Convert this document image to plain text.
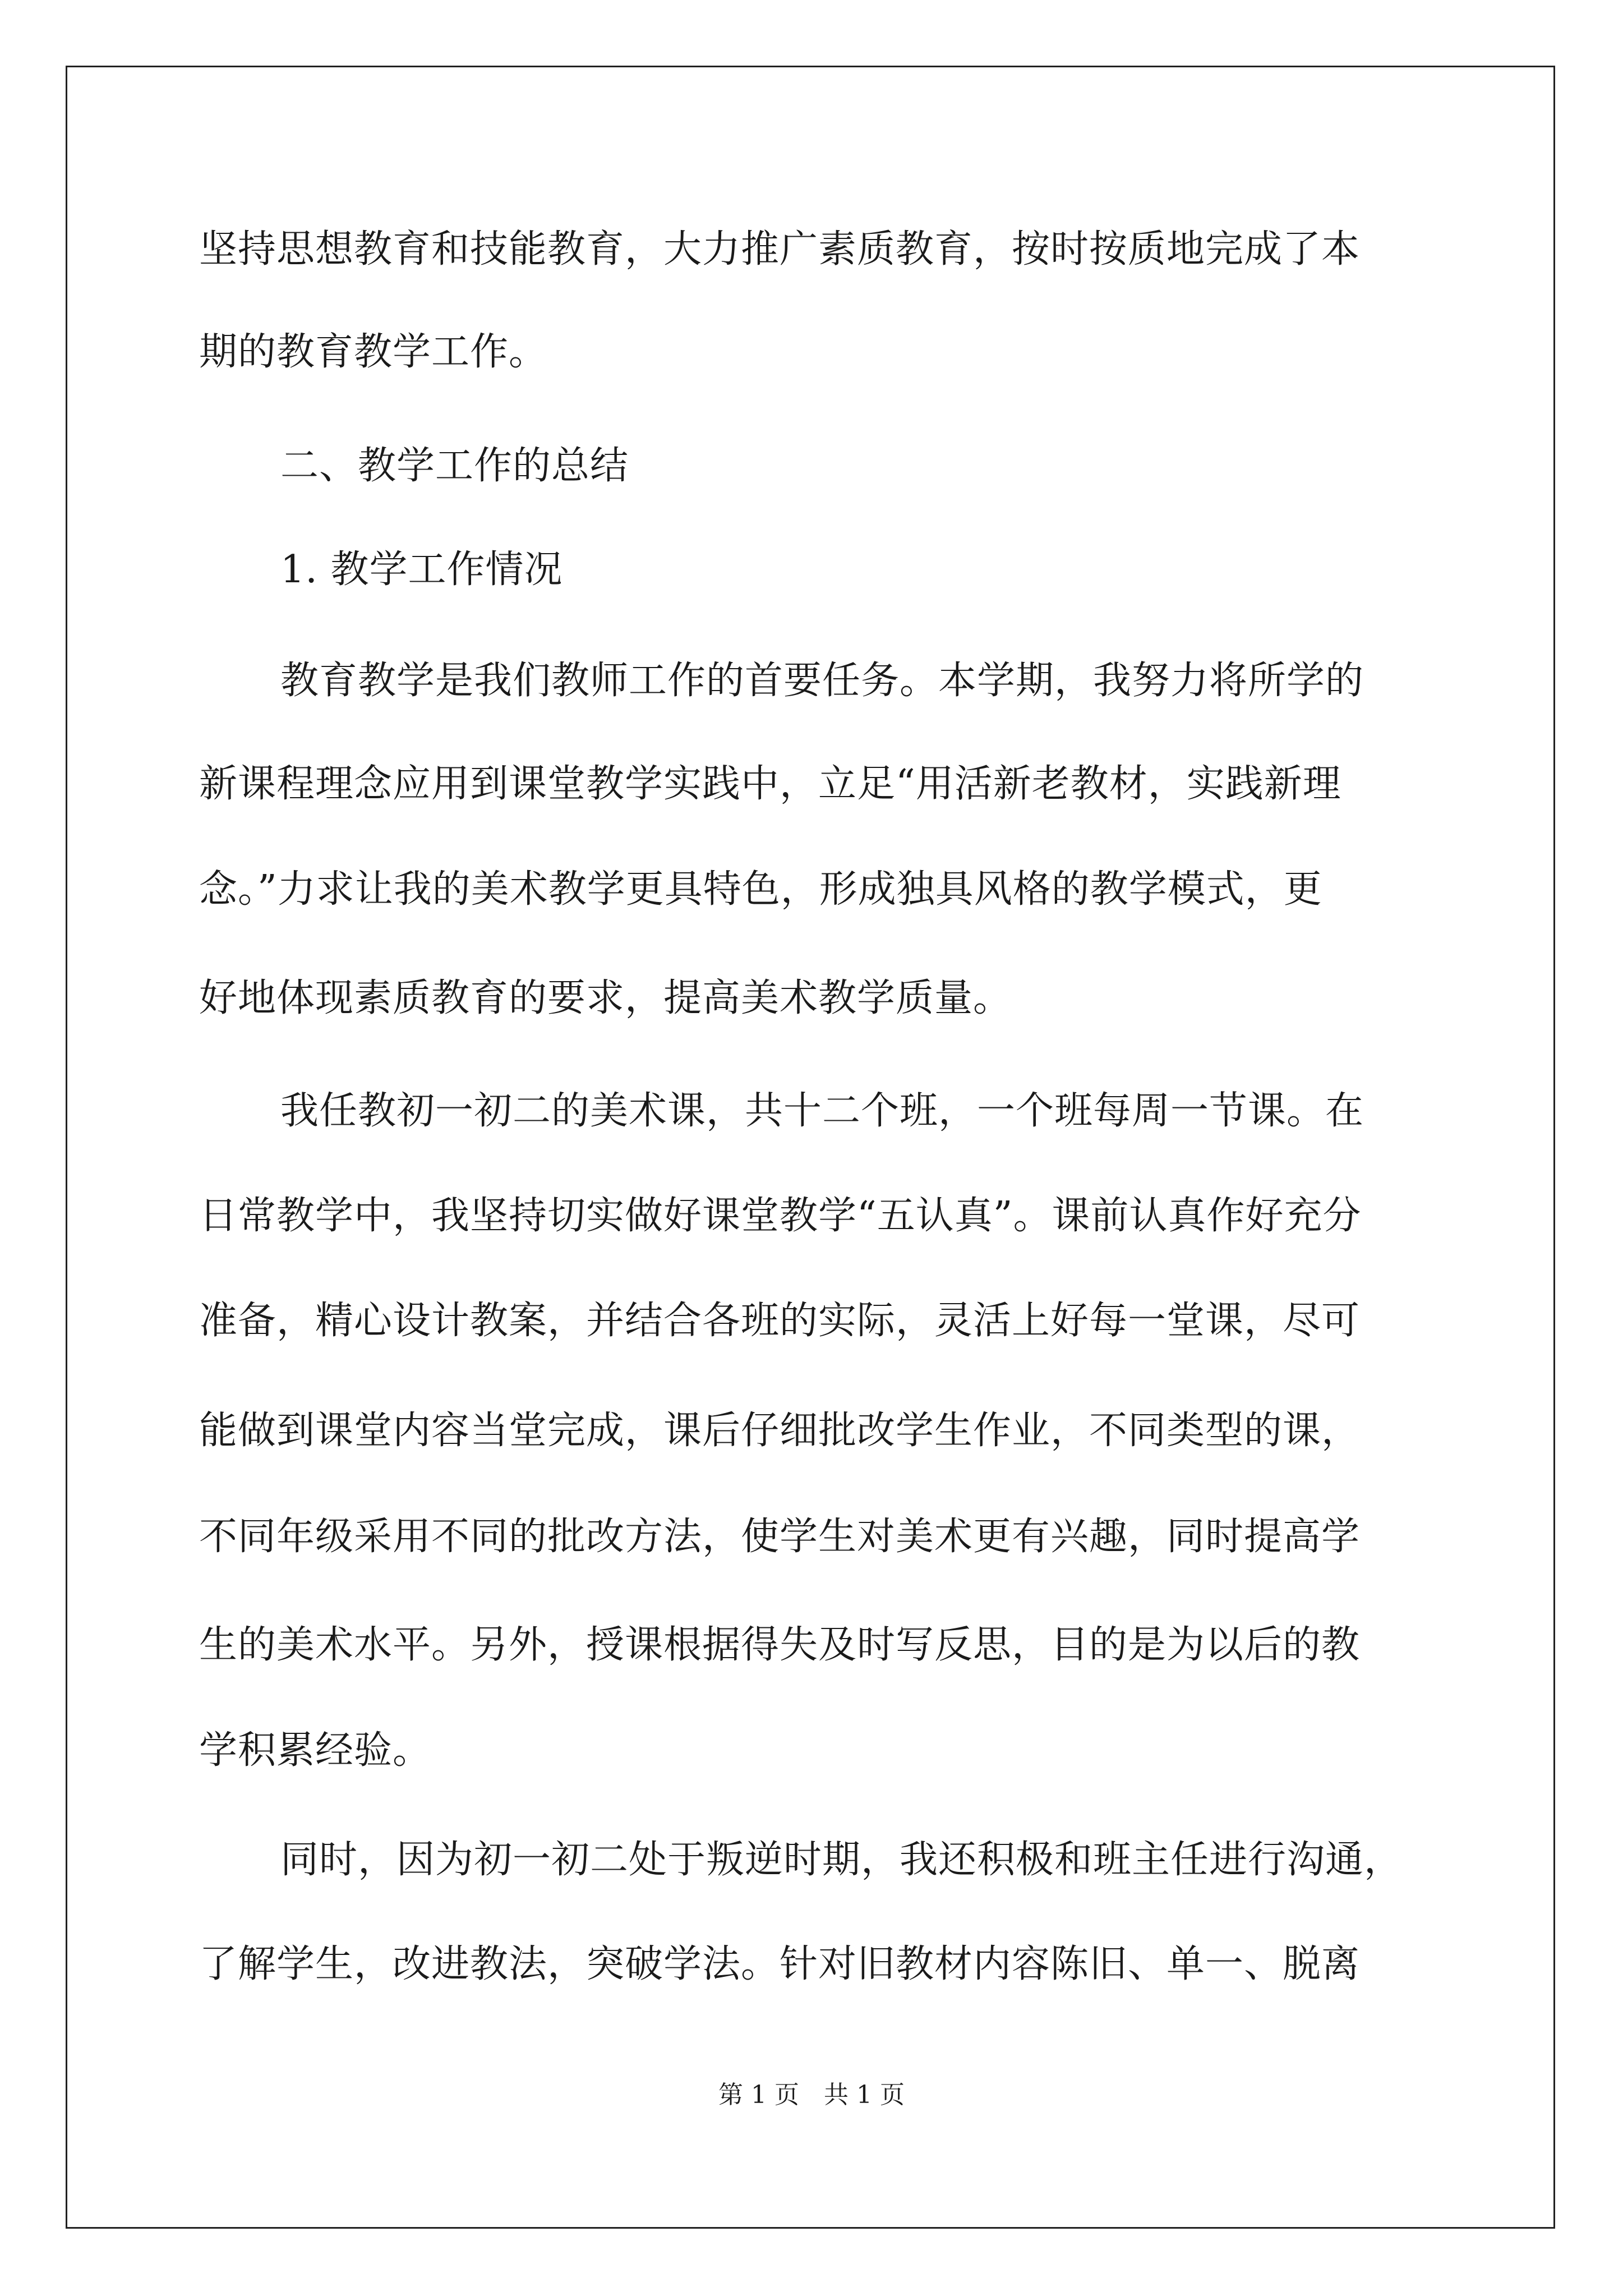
坚持思想教育和技能教育，大力推广素质教育，按时按质地完成了本
期的教育教学工作。
二、教学工作的总结
1. 教学工作情况
教育教学是我们教师工作的首要任务。本学期，我努力将所学的
新课程理念应用到课堂教学实践中，立足“用活新老教材，实践新理
念。”力求让我的美术教学更具特色，形成独具风格的教学模式，更
好地体现素质教育的要求，提高美术教学质量。
我任教初一初二的美术课，共十二个班，一个班每周一节课。在
日常教学中，我坚持切实做好课堂教学“五认真”。课前认真作好充分
准备，精心设计教案，并结合各班的实际，灵活上好每一堂课，尽可
能做到课堂内容当堂完成，课后仔细批改学生作业，不同类型的课，
不同年级采用不同的批改方法，使学生对美术更有兴趣，同时提高学
生的美术水平。另外，授课根据得失及时写反思，目的是为以后的教
学积累经验。
同时，因为初一初二处于叛逆时期，我还积极和班主任进行沟通，
了解学生，改进教法，突破学法。针对旧教材内容陈旧、单一、脱离
第 1 页　共 1 页
